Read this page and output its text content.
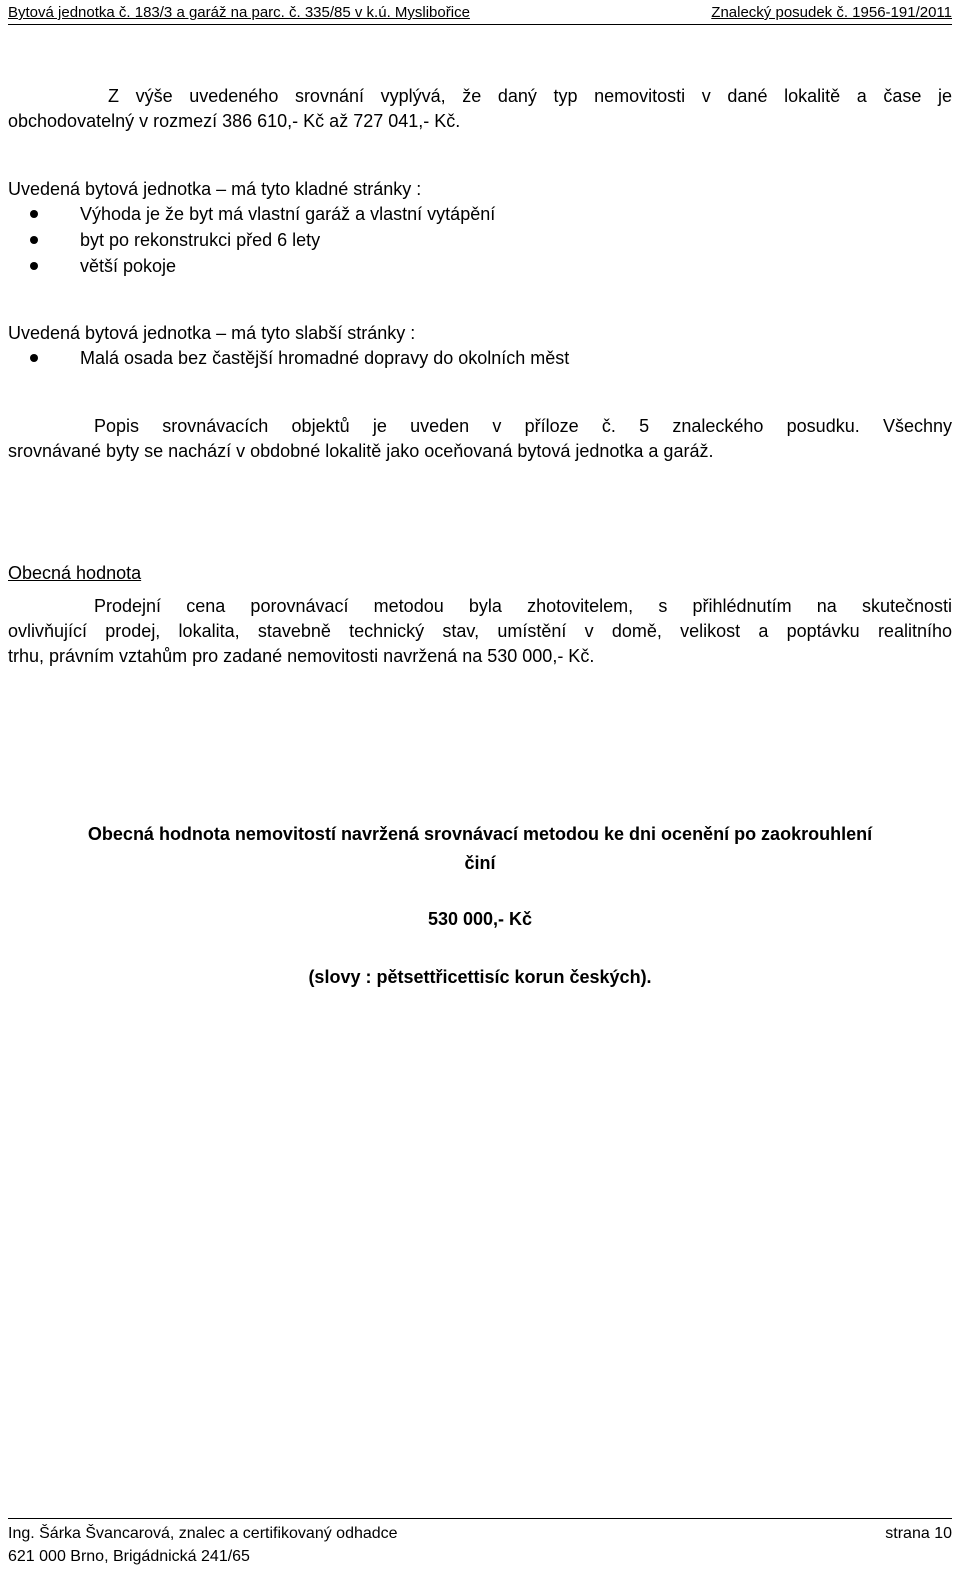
Bytová jednotka č. 183/3 a garáž na parc. č. 335/85 v k.ú. Myslibořice	Znalecký posudek č. 1956-191/2011
Z výše uvedeného srovnání vyplývá, že daný typ nemovitosti v dané lokalitě a čase je
obchodovatelný v rozmezí 386 610,- Kč až 727 041,- Kč.
Uvedená bytová jednotka – má tyto kladné stránky :
Výhoda je že byt má vlastní garáž a vlastní vytápění
byt po rekonstrukci před 6 lety
větší pokoje
Uvedená bytová jednotka – má tyto slabší stránky :
Malá osada bez častější hromadné dopravy do okolních měst
Popis srovnávacích objektů je uveden v příloze č. 5 znaleckého posudku. Všechny
srovnávané byty se nachází v obdobné lokalitě jako oceňovaná bytová jednotka a garáž.
Obecná hodnota
Prodejní cena porovnávací metodou byla zhotovitelem, s přihlédnutím na skutečnosti
ovlivňující prodej, lokalita, stavebně technický stav, umístění v domě, velikost a poptávku realitního
trhu, právním vztahům pro zadané nemovitosti navržená na 530 000,- Kč.
Obecná hodnota nemovitostí navržená srovnávací metodou ke dni ocenění po zaokrouhlení
činí
530 000,- Kč
(slovy : pětsettřicettisíc korun českých).
Ing. Šárka Švancarová, znalec a certifikovaný odhadce	strana 10
621 000 Brno, Brigádnická 241/65
